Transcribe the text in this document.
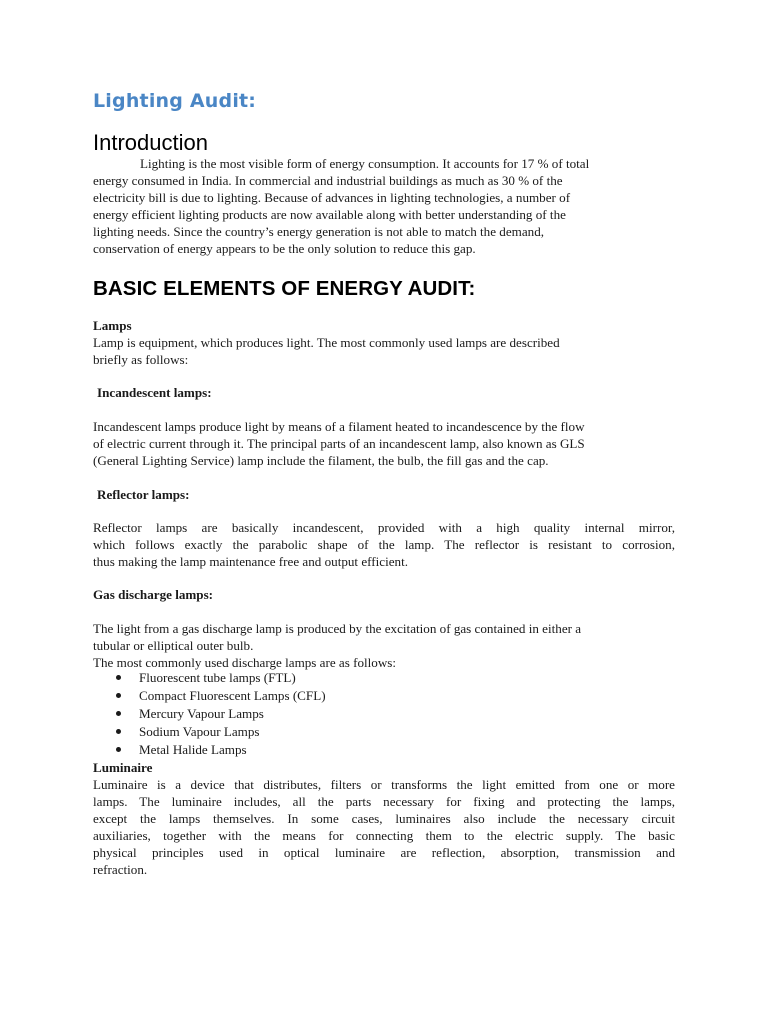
Lighting Audit:
Introduction

Lighting is the most visible form of energy consumption. It accounts for 17 % of total
energy consumed in India. In commercial and industrial buildings as much as 30 % of the
electricity bill is due to lighting. Because of advances in lighting technologies, a number of
energy efficient lighting products are now available along with better understanding of the
lighting needs. Since the country’s energy generation is not able to match the demand,
conservation of energy appears to be the only solution to reduce this gap.

BASIC ELEMENTS OF ENERGY AUDIT:
Lamps

Lamp is equipment, which produces light. The most commonly used lamps are described
briefly as follows:

Incandescent lamps:

Incandescent lamps produce light by means of a filament heated to incandescence by the flow
of electric current through it. The principal parts of an incandescent lamp, also known as GLS
(General Lighting Service) lamp include the filament, the bulb, the fill gas and the cap.

Reflector lamps:

Reflector lamps are basically incandescent, provided with a high quality internal mirror,
which follows exactly the parabolic shape of the lamp. The reflector is resistant to corrosion,
thus making the lamp maintenance free and output efficient.

Gas discharge lamps:

The light from a gas discharge lamp is produced by the excitation of gas contained in either a
tubular or elliptical outer bulb.
The most commonly used discharge lamps are as follows:

Fluorescent tube lamps (FTL)
Compact Fluorescent Lamps (CFL)
Mercury Vapour Lamps
Sodium Vapour Lamps
Metal Halide Lamps
Luminaire

Luminaire is a device that distributes, filters or transforms the light emitted from one or more
lamps. The luminaire includes, all the parts necessary for fixing and protecting the lamps,
except the lamps themselves. In some cases, luminaires also include the necessary circuit
auxiliaries, together with the means for connecting them to the electric supply. The basic
physical principles used in optical luminaire are reflection, absorption, transmission and
refraction.
